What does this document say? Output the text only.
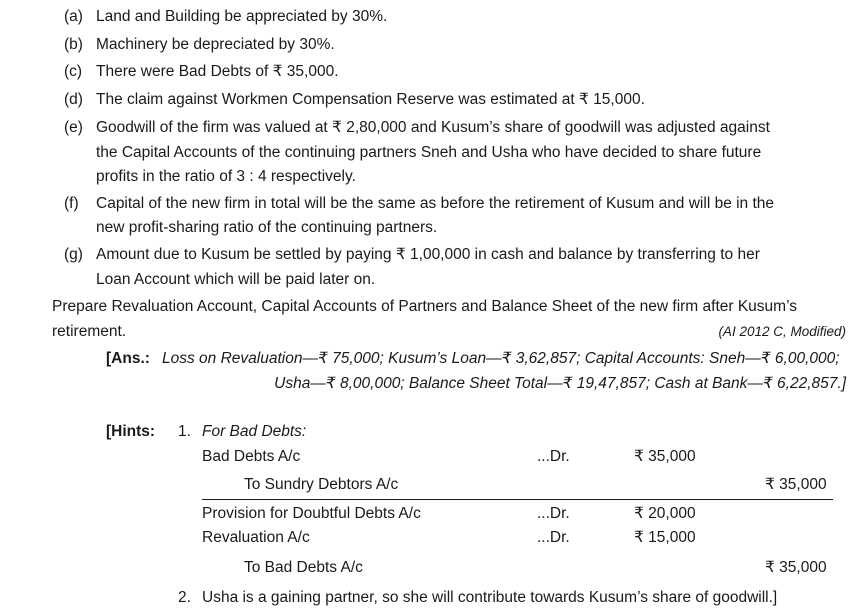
(a) Land and Building be appreciated by 30%.
(b) Machinery be depreciated by 30%.
(c) There were Bad Debts of ₹ 35,000.
(d) The claim against Workmen Compensation Reserve was estimated at ₹ 15,000.
(e) Goodwill of the firm was valued at ₹ 2,80,000 and Kusum’s share of goodwill was adjusted against
the Capital Accounts of the continuing partners Sneh and Usha who have decided to share future
profits in the ratio of 3 : 4 respectively.
(f) Capital of the new firm in total will be the same as before the retirement of Kusum and will be in the
new profit-sharing ratio of the continuing partners.
(g) Amount due to Kusum be settled by paying ₹ 1,00,000 in cash and balance by transferring to her
Loan Account which will be paid later on.
Prepare Revaluation Account, Capital Accounts of Partners and Balance Sheet of the new firm after Kusum’s
retirement.	(AI 2012 C, Modified)
[Ans.: Loss on Revaluation—₹ 75,000; Kusum’s Loan—₹ 3,62,857; Capital Accounts: Sneh—₹ 6,00,000;
Usha—₹ 8,00,000; Balance Sheet Total—₹ 19,47,857; Cash at Bank—₹ 6,22,857.]
[Hints: 1. For Bad Debts:
Bad Debts A/c	...Dr.	₹ 35,000
To Sundry Debtors A/c	₹ 35,000
Provision for Doubtful Debts A/c	...Dr.	₹ 20,000
Revaluation A/c	...Dr.	₹ 15,000
To Bad Debts A/c	₹ 35,000
2. Usha is a gaining partner, so she will contribute towards Kusum’s share of goodwill.]
